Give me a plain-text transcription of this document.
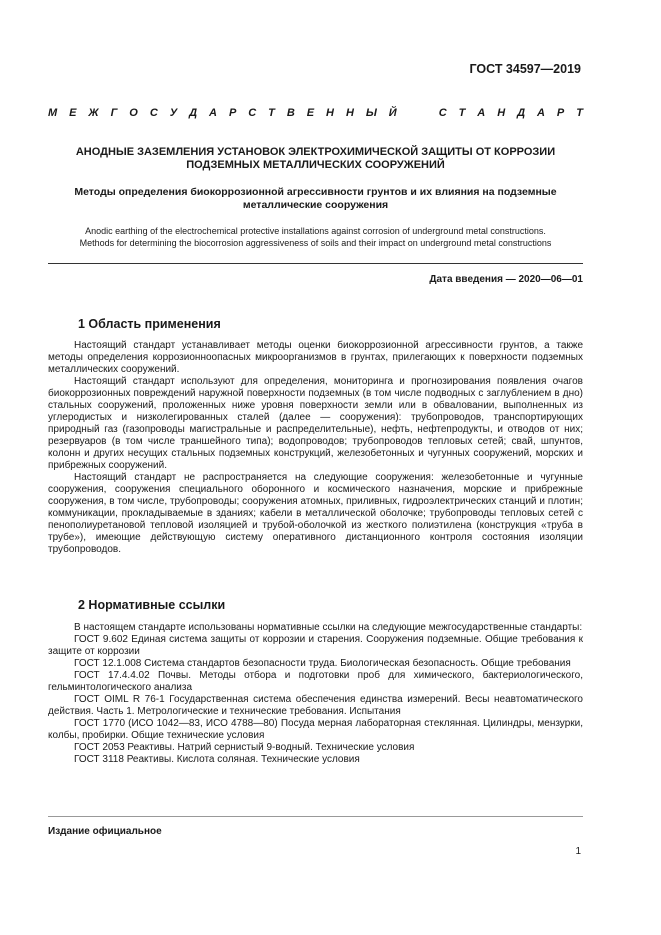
ГОСТ 34597—2019
М Е Ж Г О С У Д А Р С Т В Е Н Н Ы Й

	С Т А Н Д А Р Т
АНОДНЫЕ ЗАЗЕМЛЕНИЯ УСТАНОВОК ЭЛЕКТРОХИМИЧЕСКОЙ ЗАЩИТЫ ОТ КОРРОЗИИ
ПОДЗЕМНЫХ МЕТАЛЛИЧЕСКИХ СООРУЖЕНИЙ
Методы определения биокоррозионной агрессивности грунтов и их влияния на подземные
металлические сооружения
Anodic earthing of the electrochemical protective installations against corrosion of underground metal constructions.
Methods for determining the biocorrosion aggressiveness of soils and their impact on underground metal constructions
Дата введения — 2020—06—01
1 Область применения

Настоящий стандарт устанавливает методы оценки биокоррозионной агрессивности грунтов, а также методы определения коррозионноопасных микроорганизмов в грунтах, прилегающих к поверхности подземных металлических сооружений.

Настоящий стандарт используют для определения, мониторинга и прогнозирования появления очагов биокоррозионных повреждений наружной поверхности подземных (в том числе подводных с заглублением в дно) стальных сооружений, проложенных ниже уровня поверхности земли или в обваловании, выполненных из углеродистых и низколегированных сталей (далее — сооружения): трубопроводов, транспортирующих природный газ (газопроводы магистральные и распределительные), нефть, нефтепродукты, и отводов от них; резервуаров (в том числе траншейного типа); водопроводов; трубопроводов тепловых сетей; свай, шпунтов, колонн и других несущих стальных подземных конструкций, железобетонных и чугунных сооружений, морских и прибрежных сооружений.

Настоящий стандарт не распространяется на следующие сооружения: железобетонные и чугунные сооружения, сооружения специального оборонного и космического назначения, морские и прибрежные сооружения, в том числе, трубопроводы; сооружения атомных, приливных, гидроэлектрических станций и плотин; коммуникации, прокладываемые в зданиях; кабели в металлической оболочке; трубопроводы тепловых сетей с пенополиуретановой тепловой изоляцией и трубой-оболочкой из жесткого полиэтилена (конструкция «труба в трубе»), имеющие действующую систему оперативного дистанционного контроля состояния изоляции трубопроводов.

2 Нормативные ссылки

В настоящем стандарте использованы нормативные ссылки на следующие межгосударственные стандарты:

ГОСТ 9.602 Единая система защиты от коррозии и старения. Сооружения подземные. Общие требования к защите от коррозии

ГОСТ 12.1.008 Система стандартов безопасности труда. Биологическая безопасность. Общие требования

ГОСТ 17.4.4.02 Почвы. Методы отбора и подготовки проб для химического, бактериологического, гельминтологического анализа

ГОСТ OIML R 76-1 Государственная система обеспечения единства измерений. Весы неавтоматического действия. Часть 1. Метрологические и технические требования. Испытания

ГОСТ 1770 (ИСО 1042—83, ИСО 4788—80) Посуда мерная лабораторная стеклянная. Цилиндры, мензурки, колбы, пробирки. Общие технические условия

ГОСТ 2053 Реактивы. Натрий сернистый 9-водный. Технические условия

ГОСТ 3118 Реактивы. Кислота соляная. Технические условия

Издание официальное
1
